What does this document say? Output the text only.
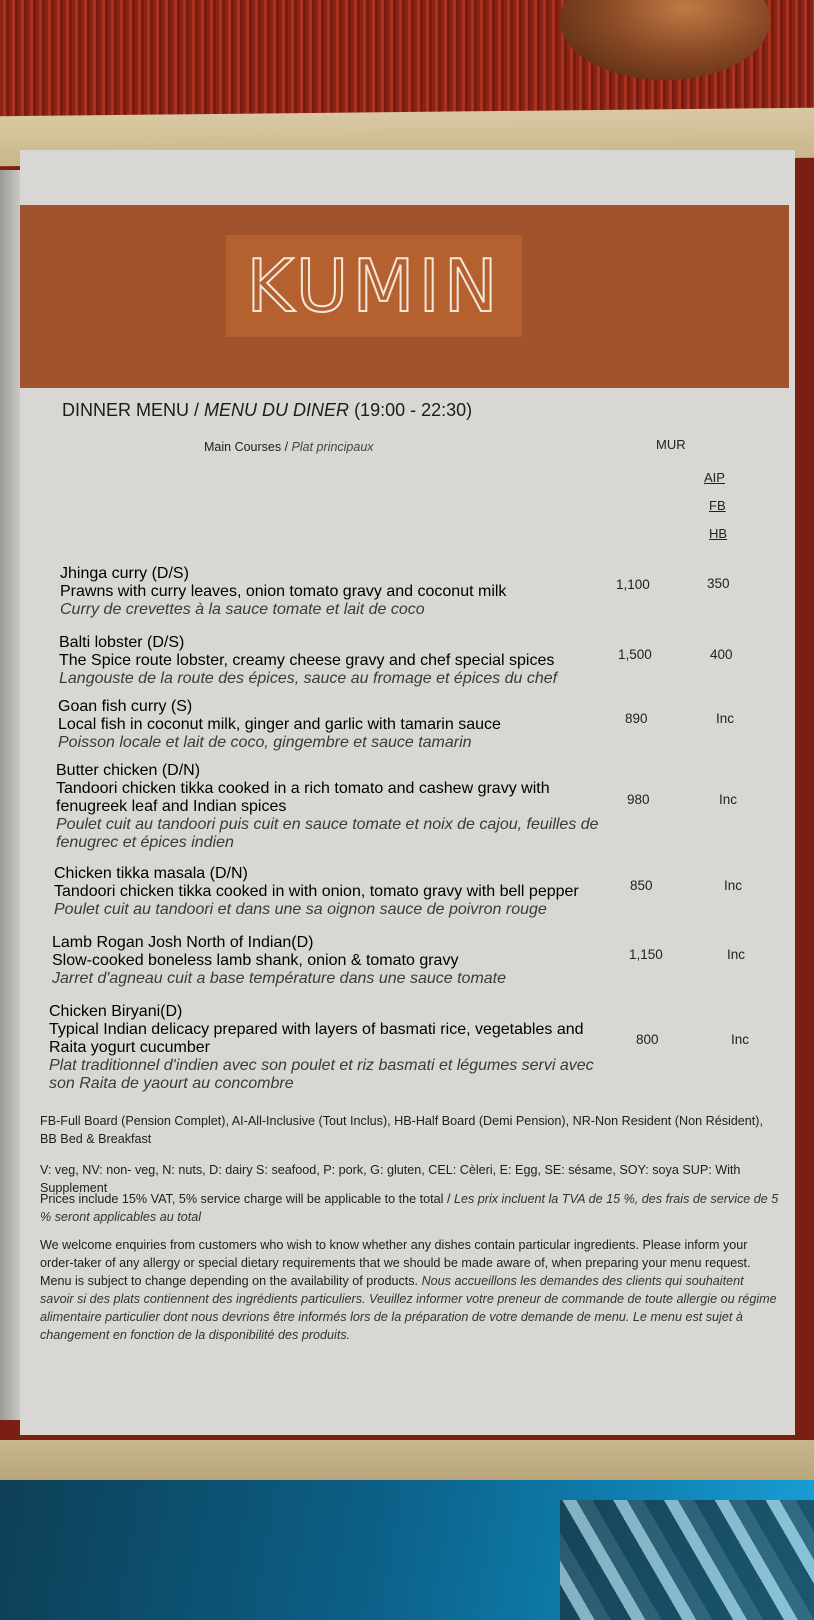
KUMIN
DINNER MENU / MENU DU DINER (19:00 - 22:30)
Main Courses / Plat principaux	MUR
AIP
FB
HB
Jhinga curry (D/S)
Prawns with curry leaves, onion tomato gravy and coconut milk
Curry de crevettes à la sauce tomate et lait de coco
1,100	350
Balti lobster (D/S)
The Spice route lobster, creamy cheese gravy and chef special spices
Langouste de la route des épices, sauce au fromage et épices du chef
1,500	400
Goan fish curry (S)
Local fish in coconut milk, ginger and garlic with tamarin sauce
Poisson locale et lait de coco, gingembre et sauce tamarin
890	Inc
Butter chicken (D/N)
Tandoori chicken tikka cooked in a rich tomato and cashew gravy with fenugreek leaf and Indian spices
Poulet cuit au tandoori puis cuit en sauce tomate et noix de cajou, feuilles de fenugrec et épices indien
980	Inc
Chicken tikka masala (D/N)
Tandoori chicken tikka cooked in with onion, tomato gravy with bell pepper
Poulet cuit au tandoori et dans une sa oignon sauce de poivron rouge
850	Inc
Lamb Rogan Josh North of Indian(D)
Slow-cooked boneless lamb shank, onion & tomato gravy
Jarret d'agneau cuit a base température dans une sauce tomate
1,150	Inc
Chicken Biryani(D)
Typical Indian delicacy prepared with layers of basmati rice, vegetables and Raita yogurt cucumber
Plat traditionnel d'indien avec son poulet et riz basmati et légumes servi avec son Raita de yaourt au concombre
800	Inc
FB-Full Board (Pension Complet), AI-All-Inclusive (Tout Inclus), HB-Half Board (Demi Pension), NR-Non Resident (Non Résident), BB Bed & Breakfast
V: veg, NV: non- veg, N: nuts, D: dairy S: seafood, P: pork, G: gluten, CEL: Cèleri, E: Egg, SE: sésame, SOY: soya SUP: With Supplement
Prices include 15% VAT, 5% service charge will be applicable to the total / Les prix incluent la TVA de 15 %, des frais de service de 5 % seront applicables au total
We welcome enquiries from customers who wish to know whether any dishes contain particular ingredients. Please inform your order-taker of any allergy or special dietary requirements that we should be made aware of, when preparing your menu request. Menu is subject to change depending on the availability of products. Nous accueillons les demandes des clients qui souhaitent savoir si des plats contiennent des ingrédients particuliers. Veuillez informer votre preneur de commande de toute allergie ou régime alimentaire particulier dont nous devrions être informés lors de la préparation de votre demande de menu. Le menu est sujet à changement en fonction de la disponibilité des produits.
